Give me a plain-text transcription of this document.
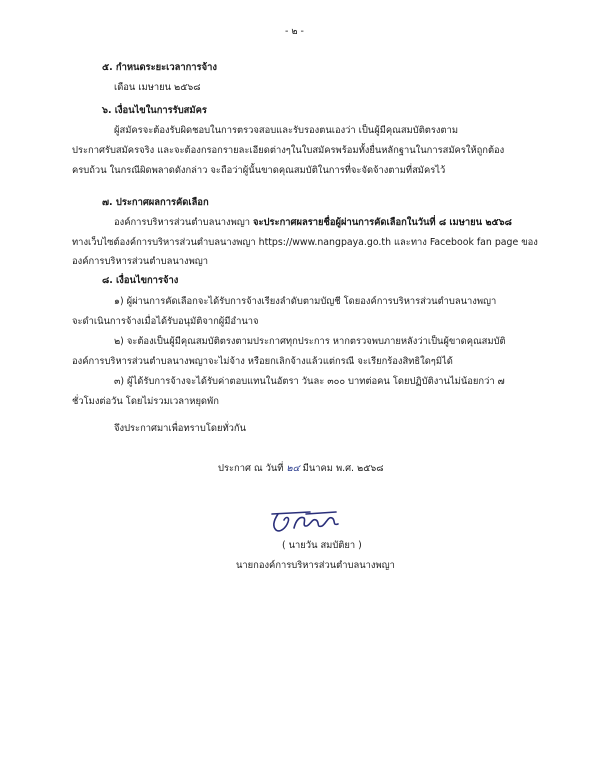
- ๒ -
๕. กำหนดระยะเวลาการจ้าง
เดือน เมษายน ๒๕๖๘
๖. เงื่อนไขในการรับสมัคร
ผู้สมัครจะต้องรับผิดชอบในการตรวจสอบและรับรองตนเองว่า เป็นผู้มีคุณสมบัติตรงตาม
ประกาศรับสมัครจริง และจะต้องกรอกรายละเอียดต่างๆในใบสมัครพร้อมทั้งยื่นหลักฐานในการสมัครให้ถูกต้อง
ครบถ้วน ในกรณีผิดพลาดดังกล่าว จะถือว่าผู้นั้นขาดคุณสมบัติในการที่จะจัดจ้างตามที่สมัครไว้
๗. ประกาศผลการคัดเลือก
องค์การบริหารส่วนตำบลนางพญา จะประกาศผลรายชื่อผู้ผ่านการคัดเลือกในวันที่ ๘ เมษายน ๒๕๖๘
ทางเว็บไซต์องค์การบริหารส่วนตำบลนางพญา https://www.nangpaya.go.th และทาง Facebook fan page ของ
องค์การบริหารส่วนตำบลนางพญา
๘. เงื่อนไขการจ้าง
๑) ผู้ผ่านการคัดเลือกจะได้รับการจ้างเรียงลำดับตามบัญชี โดยองค์การบริหารส่วนตำบลนางพญา
จะดำเนินการจ้างเมื่อได้รับอนุมัติจากผู้มีอำนาจ
๒) จะต้องเป็นผู้มีคุณสมบัติตรงตามประกาศทุกประการ หากตรวจพบภายหลังว่าเป็นผู้ขาดคุณสมบัติ
องค์การบริหารส่วนตำบลนางพญาจะไม่จ้าง หรือยกเลิกจ้างแล้วแต่กรณี จะเรียกร้องสิทธิใดๆมิได้
๓) ผู้ได้รับการจ้างจะได้รับค่าตอบแทนในอัตรา วันละ ๓๐๐ บาทต่อคน โดยปฏิบัติงานไม่น้อยกว่า ๗
ชั่วโมงต่อวัน โดยไม่รวมเวลาหยุดพัก
จึงประกาศมาเพื่อทราบโดยทั่วกัน
ประกาศ ณ วันที่ ๒๔ มีนาคม พ.ศ. ๒๕๖๘
( นายวัน สมบัติยา )
นายกองค์การบริหารส่วนตำบลนางพญา
